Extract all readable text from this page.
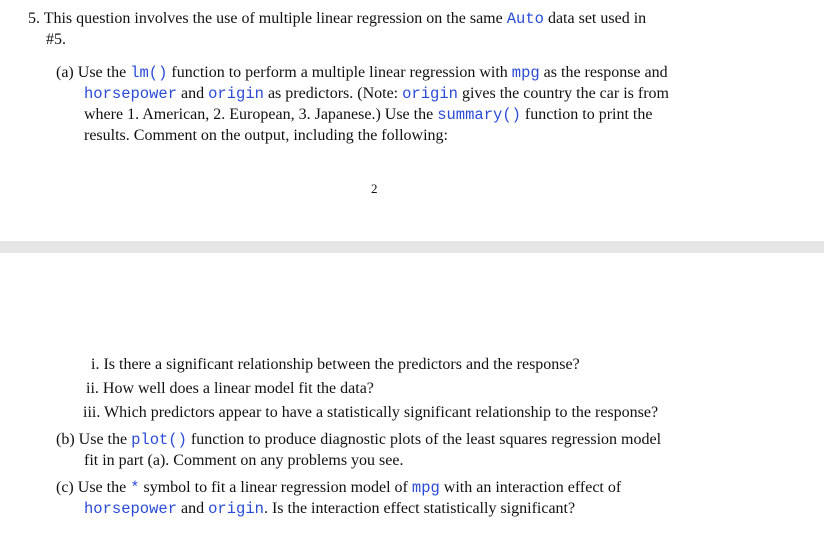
5. This question involves the use of multiple linear regression on the same Auto data set used in
#5.
(a) Use the lm() function to perform a multiple linear regression with mpg as the response and
horsepower and origin as predictors. (Note: origin gives the country the car is from
where 1. American, 2. European, 3. Japanese.) Use the summary() function to print the
results. Comment on the output, including the following:
2
i. Is there a significant relationship between the predictors and the response?
ii. How well does a linear model fit the data?
iii. Which predictors appear to have a statistically significant relationship to the response?
(b) Use the plot() function to produce diagnostic plots of the least squares regression model
fit in part (a). Comment on any problems you see.
(c) Use the * symbol to fit a linear regression model of mpg with an interaction effect of
horsepower and origin. Is the interaction effect statistically significant?
